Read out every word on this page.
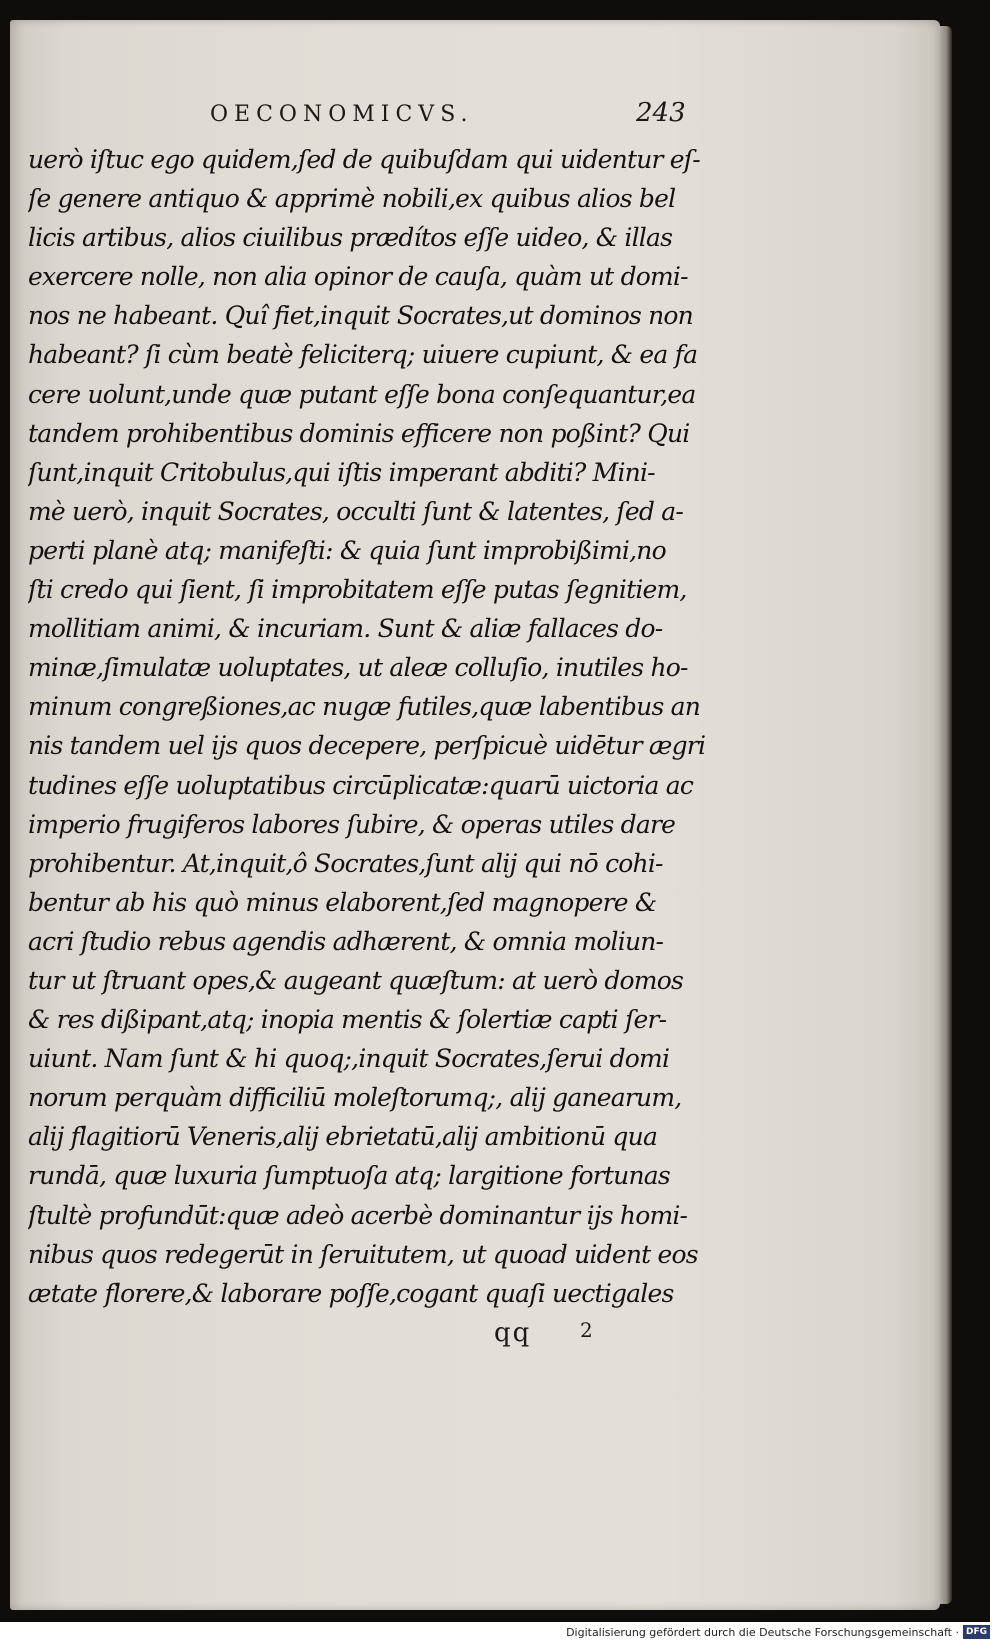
OECONOMICVS.	243
uerò iſtuc ego quidem,ſed de quibuſdam qui uidentur eſ-
ſe genere antiquo & apprimè nobili,ex quibus alios bel
licis artibus, alios ciuilibus prædítos eſſe uideo, & illas
exercere nolle, non alia opinor de cauſa, quàm ut domi-
nos ne habeant. Quî fiet,inquit Socrates,ut dominos non
habeant? ſi cùm beatè feliciterq; uiuere cupiunt, & ea fa
cere uolunt,unde quæ putant eſſe bona conſequantur,ea
tandem prohibentibus dominis efficere non poßint? Qui
ſunt,inquit Critobulus,qui iſtis imperant abditi? Mini-
mè uerò, inquit Socrates, occulti ſunt & latentes, ſed a-
perti planè atq; manifeſti: & quia ſunt improbißimi,no
ſti credo qui ſient, ſi improbitatem eſſe putas ſegnitiem,
mollitiam animi, & incuriam. Sunt & aliæ fallaces do-
minæ,ſimulatæ uoluptates, ut aleæ colluſio, inutiles ho-
minum congreßiones,ac nugæ futiles,quæ labentibus an
nis tandem uel ijs quos decepere, perſpicuè uidētur ægri
tudines eſſe uoluptatibus circūplicatæ:quarū uictoria ac
imperio frugiferos labores ſubire, & operas utiles dare
prohibentur. At,inquit,ô Socrates,ſunt alij qui nō cohi-
bentur ab his quò minus elaborent,ſed magnopere &
acri ſtudio rebus agendis adhærent, & omnia moliun-
tur ut ſtruant opes,& augeant quæſtum: at uerò domos
& res dißipant,atq; inopia mentis & ſolertiæ capti ſer-
uiunt. Nam ſunt & hi quoq;,inquit Socrates,ſerui domi
norum perquàm difficiliū moleſtorumq;, alij ganearum,
alij flagitiorū Veneris,alij ebrietatū,alij ambitionū qua
rundā, quæ luxuria ſumptuoſa atq; largitione fortunas
ſtultè profundūt:quæ adeò acerbè dominantur ijs homi-
nibus quos redegerūt in ſeruitutem, ut quoad uident eos
ætate florere,& laborare poſſe,cogant quaſi uectigales
qq 2
Digitalisierung gefördert durch die Deutsche Forschungsgemeinschaft · DFG
